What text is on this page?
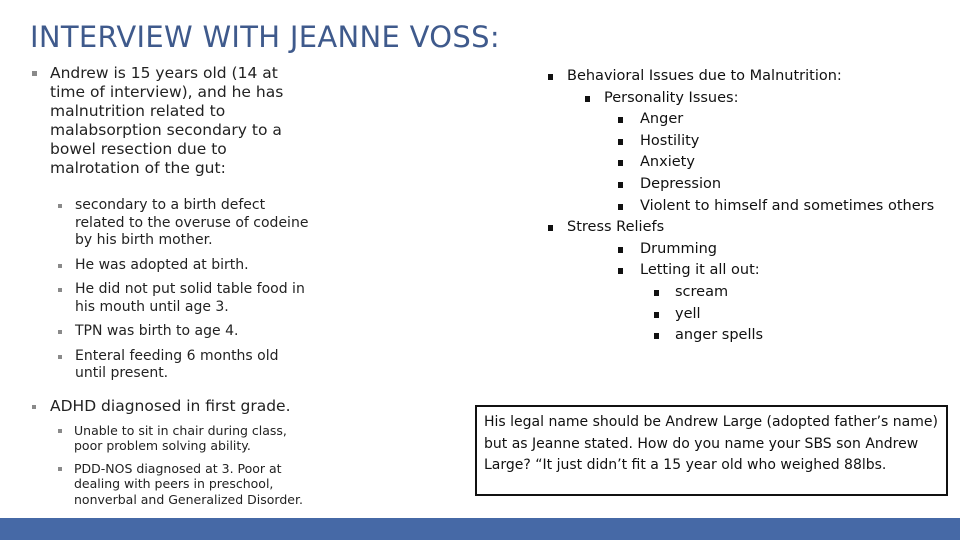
INTERVIEW WITH JEANNE VOSS:
Andrew is 15 years old (14 at time of interview), and he has malnutrition related to malabsorption secondary to a bowel resection due to malrotation of the gut:
secondary to a birth defect related to the overuse of codeine by his birth mother.
He was adopted at birth.
He did not put solid table food in his mouth until age 3.
TPN was birth to age 4.
Enteral feeding 6 months old until present.
ADHD diagnosed in first grade.
Unable to sit in chair during class, poor problem solving ability.
PDD-NOS diagnosed at 3. Poor at dealing with peers in preschool, nonverbal and Generalized Disorder.
Behavioral Issues due to Malnutrition:
Personality Issues:
Anger
Hostility
Anxiety
Depression
Violent to himself and sometimes others
Stress Reliefs
Drumming
Letting it all out:
scream
yell
anger spells
His legal name should be Andrew Large (adopted father’s name) but as Jeanne stated. How do you name your SBS son Andrew Large? “It just didn’t fit a 15 year old who weighed 88lbs.
